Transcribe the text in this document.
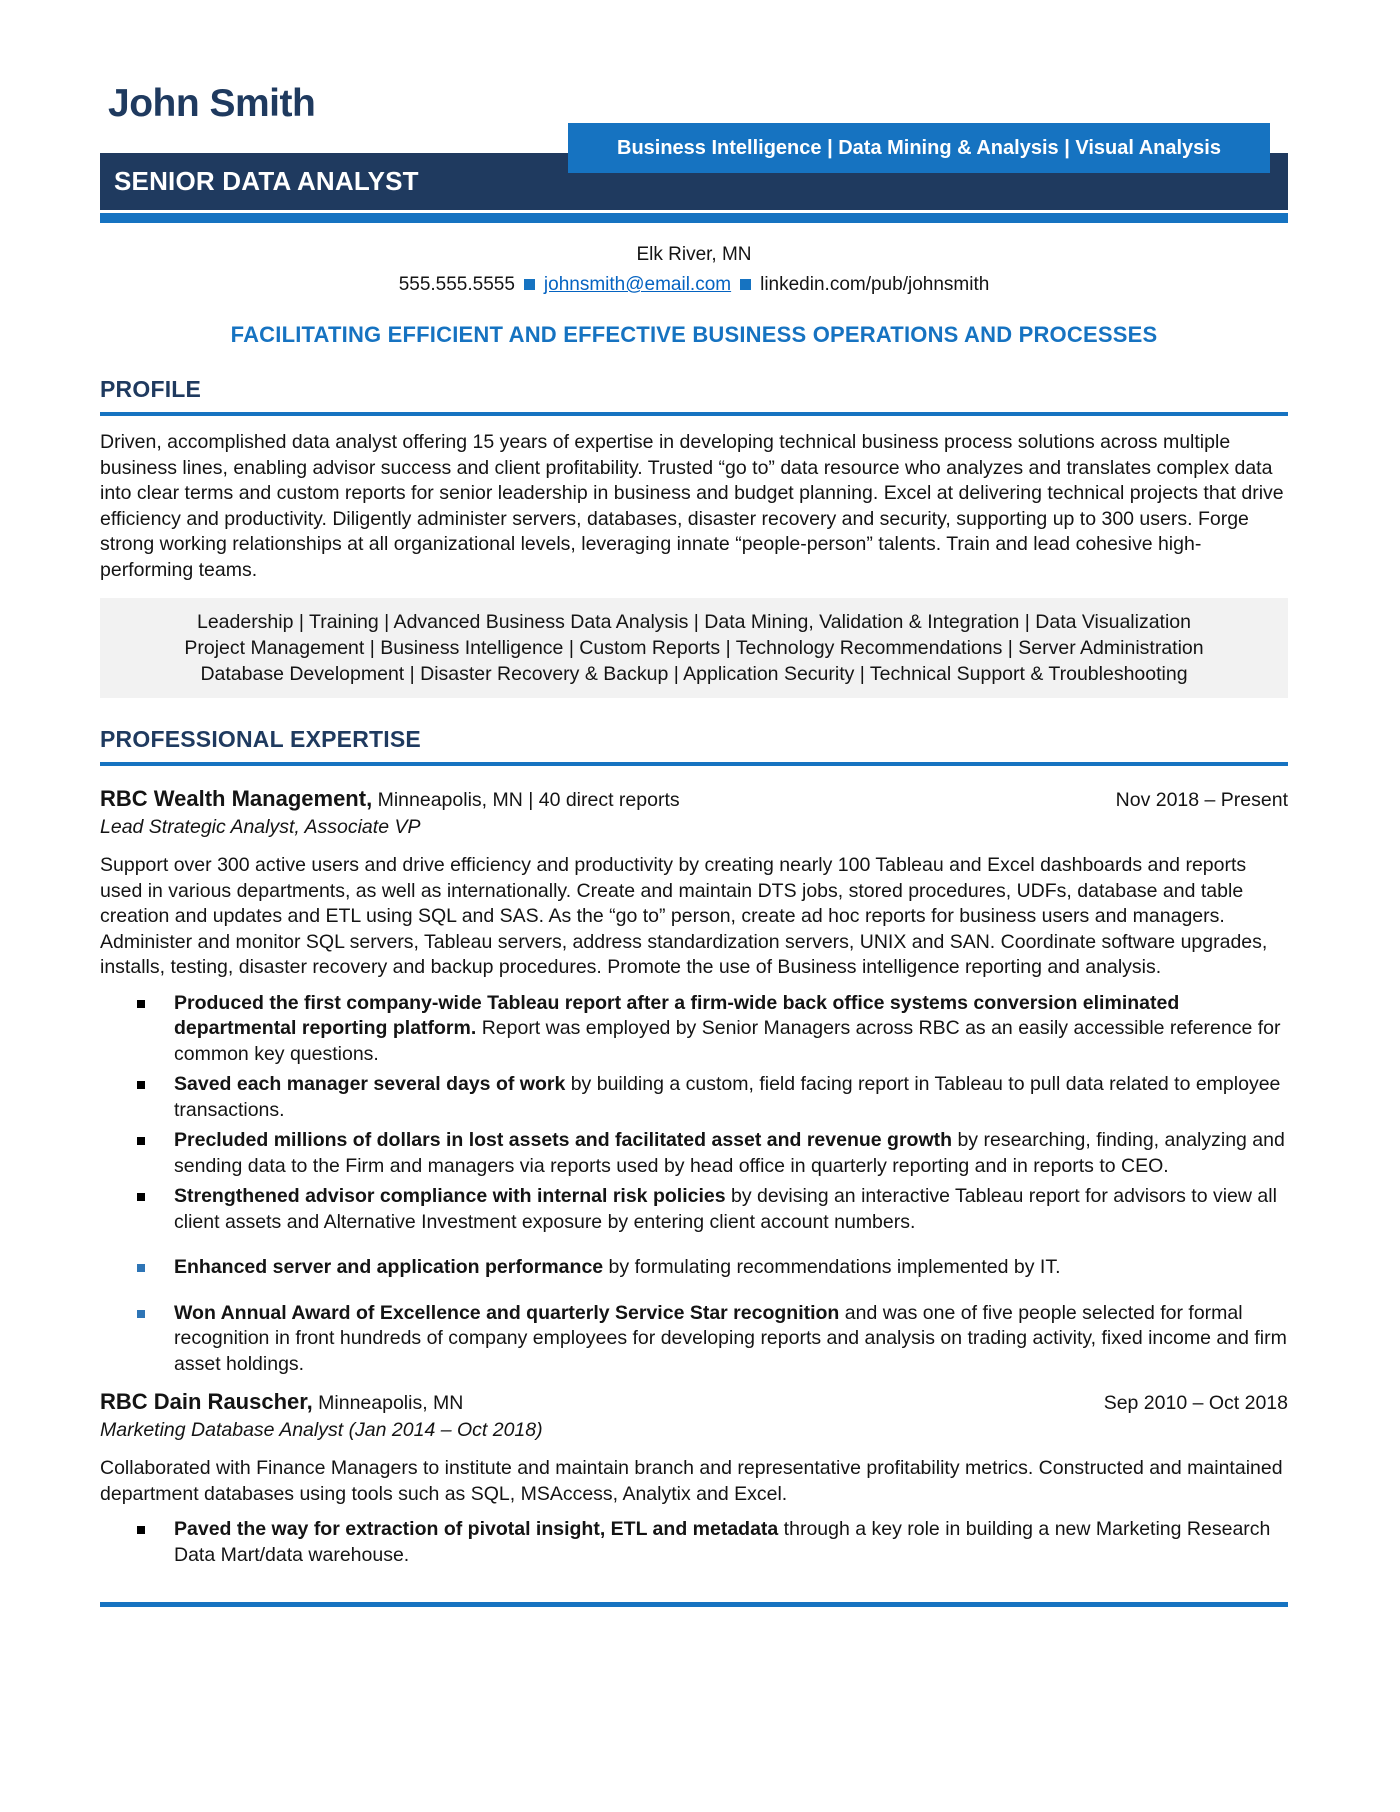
John Smith
Business Intelligence | Data Mining & Analysis | Visual Analysis
SENIOR DATA ANALYST
Elk River, MN
555.555.5555 johnsmith@email.com linkedin.com/pub/johnsmith
FACILITATING EFFICIENT AND EFFECTIVE BUSINESS OPERATIONS AND PROCESSES
PROFILE

Driven, accomplished data analyst offering 15 years of expertise in developing technical business process solutions across multiple business lines, enabling advisor success and client profitability. Trusted “go to” data resource who analyzes and translates complex data into clear terms and custom reports for senior leadership in business and budget planning. Excel at delivering technical projects that drive efficiency and productivity. Diligently administer servers, databases, disaster recovery and security, supporting up to 300 users. Forge strong working relationships at all organizational levels, leveraging innate “people-person” talents. Train and lead cohesive high-performing teams.

Leadership | Training | Advanced Business Data Analysis | Data Mining, Validation & Integration | Data Visualization
Project Management | Business Intelligence | Custom Reports | Technology Recommendations | Server Administration
Database Development | Disaster Recovery & Backup | Application Security | Technical Support & Troubleshooting
PROFESSIONAL EXPERTISE
RBC Wealth Management, Minneapolis, MN | 40 direct reports	Nov 2018 – Present
Lead Strategic Analyst, Associate VP

Support over 300 active users and drive efficiency and productivity by creating nearly 100 Tableau and Excel dashboards and reports used in various departments, as well as internationally. Create and maintain DTS jobs, stored procedures, UDFs, database and table creation and updates and ETL using SQL and SAS. As the “go to” person, create ad hoc reports for business users and managers. Administer and monitor SQL servers, Tableau servers, address standardization servers, UNIX and SAN. Coordinate software upgrades, installs, testing, disaster recovery and backup procedures. Promote the use of Business intelligence reporting and analysis.

Produced the first company-wide Tableau report after a firm-wide back office systems conversion eliminated departmental reporting platform. Report was employed by Senior Managers across RBC as an easily accessible reference for common key questions.
Saved each manager several days of work by building a custom, field facing report in Tableau to pull data related to employee transactions.
Precluded millions of dollars in lost assets and facilitated asset and revenue growth by researching, finding, analyzing and sending data to the Firm and managers via reports used by head office in quarterly reporting and in reports to CEO.
Strengthened advisor compliance with internal risk policies by devising an interactive Tableau report for advisors to view all client assets and Alternative Investment exposure by entering client account numbers.
Enhanced server and application performance by formulating recommendations implemented by IT.
Won Annual Award of Excellence and quarterly Service Star recognition and was one of five people selected for formal recognition in front hundreds of company employees for developing reports and analysis on trading activity, fixed income and firm asset holdings.
RBC Dain Rauscher, Minneapolis, MN	Sep 2010 – Oct 2018
Marketing Database Analyst (Jan 2014 – Oct 2018)

Collaborated with Finance Managers to institute and maintain branch and representative profitability metrics. Constructed and maintained department databases using tools such as SQL, MSAccess, Analytix and Excel.

Paved the way for extraction of pivotal insight, ETL and metadata through a key role in building a new Marketing Research Data Mart/data warehouse.
